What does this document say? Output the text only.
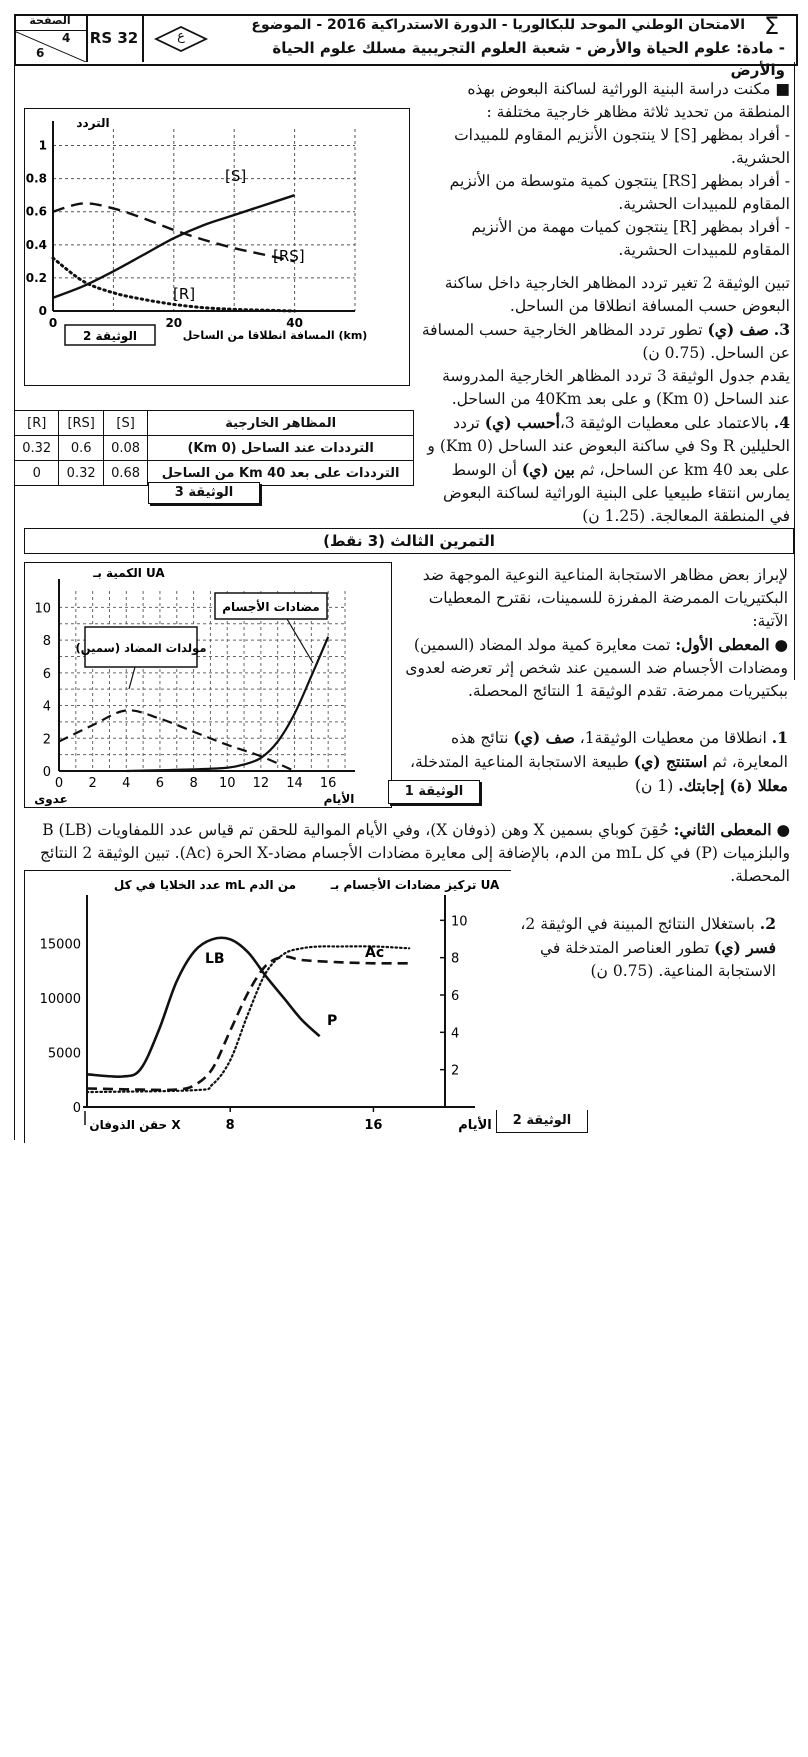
الصفحة
4
6
RS 32	ع
الامتحان الوطني الموحد للبكالوريا - الدورة الاستدراكية 2016 - الموضوع
- مادة: علوم الحياة والأرض - شعبة العلوم التجريبية مسلك علوم الحياة والأرض
Σ
■ مكنت دراسة البنية الوراثية لساكنة البعوض بهذه المنطقة من تحديد ثلاثة مظاهر خارجية مختلفة :
- أفراد بمظهر [S] لا ينتجون الأنزيم المقاوم للمبيدات الحشرية.
- أفراد بمظهر [RS] ينتجون كمية متوسطة من الأنزيم المقاوم للمبيدات الحشرية.
- أفراد بمظهر [R] ينتجون كميات مهمة من الأنزيم المقاوم للمبيدات الحشرية.
تبين الوثيقة 2 تغير تردد المظاهر الخارجية داخل ساكنة البعوض حسب المسافة انطلاقا من الساحل.
3. صف (ي) تطور تردد المظاهر الخارجية حسب المسافة عن الساحل. (0.75 ن)
يقدم جدول الوثيقة 3 تردد المظاهر الخارجية المدروسة عند الساحل (0 Km) و على بعد 40Km من الساحل.
4. بالاعتماد على معطيات الوثيقة 3،أحسب (ي) تردد الحليلين R وS في ساكنة البعوض عند الساحل (0 Km) و على بعد 40 km عن الساحل، ثم بين (ي) أن الوسط يمارس انتقاء طبيعيا على البنية الوراثية لساكنة البعوض في المنطقة المعالجة. (1.25 ن)
0
0.2
0.4
0.6
0.8
1
0	20	40
التردد
المسافة انطلاقا من الساحل (km)
[S]
[RS]
[R]
الوثيقة 2
[R]	[RS]	[S]	المظاهر الخارجية
0.32	0.6	0.08	الترددات عند الساحل (0 Km)
0	0.32	0.68	الترددات على بعد 40 Km من الساحل
الوثيقة 3
التمرين الثالث (3 نقط)
لإبراز بعض مظاهر الاستجابة المناعية النوعية الموجهة ضد البكتيريات الممرضة المفرزة للسمينات، نقترح المعطيات الآتية:
● المعطى الأول: تمت معايرة كمية مولد المضاد (السمين) ومضادات الأجسام ضد السمين عند شخص إثر تعرضه لعدوى ببكتيريات ممرضة. تقدم الوثيقة 1 النتائج المحصلة.
1. انطلاقا من معطيات الوثيقة1، صف (ي) نتائج هذه المعايرة، ثم استنتج (ي) طبيعة الاستجابة المناعية المتدخلة، معللا (ة) إجابتك. (1 ن)
0
2
4
6
8
10
0 2 4 6 8 10 12 14 16
الكمية بـ UA
الأيام
عدوى
مضادات الأجسام
مولدات المضاد (سمين)
الوثيقة 1
● المعطى الثاني: حُقِنَ كوباي بسمين X وهن (ذوفان X)، وفي الأيام الموالية للحقن تم قياس عدد اللمفاويات B (LB) والبلزميات (P) في كل mL من الدم، بالإضافة إلى معايرة مضادات الأجسام مضاد-X الحرة (Ac). تبين الوثيقة 2 النتائج المحصلة.
2. باستغلال النتائج المبينة في الوثيقة 2، فسر (ي) تطور العناصر المتدخلة في الاستجابة المناعية. (0.75 ن)
0
5000
10000
15000
2
4
6
8
10
8	16
عدد الخلايا في كل mL من الدم	تركيز مضادات الأجسام بـ UA
الأيام
حقن الذوفان X
LB
P
Ac
الوثيقة 2
